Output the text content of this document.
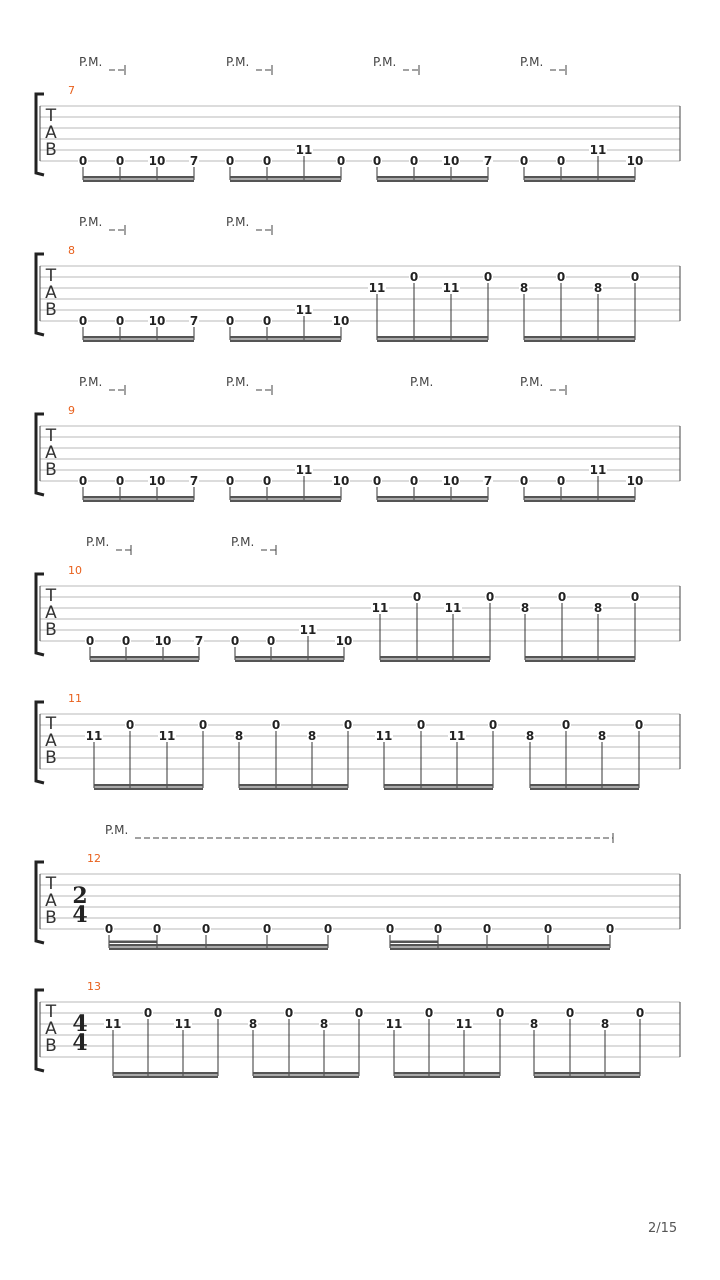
T
A
B
7
P.M.	P.M.	P.M.	P.M.
0 0 10 7 0 0
11
0 0 0 10 7 0 0
11
10
T
A
B
8
P.M.	P.M.
0 0 10 7 0 0
11
10
11
0
11
0
8
0
8
0
T
A
B
9
P.M.	P.M.	P.M.	P.M.
0 0 10 7 0 0
11
10 0 0 10 7 0 0
11
10
T
A
B
10
P.M.	P.M.
0 0 10 7 0 0
11
10
11
0
11
0
8
0
8
0
T
A
B
11
11
0
11
0
8
0
8
0
11
0
11
0
8
0
8
0
T
A
B
12
2
4
P.M.
0	0	0	0	0	0	0	0	0	0
T
A
B
13
4
4
11
0
11
0
8
0
8
0
11
0
11
0
8
0
8
0
2/15
